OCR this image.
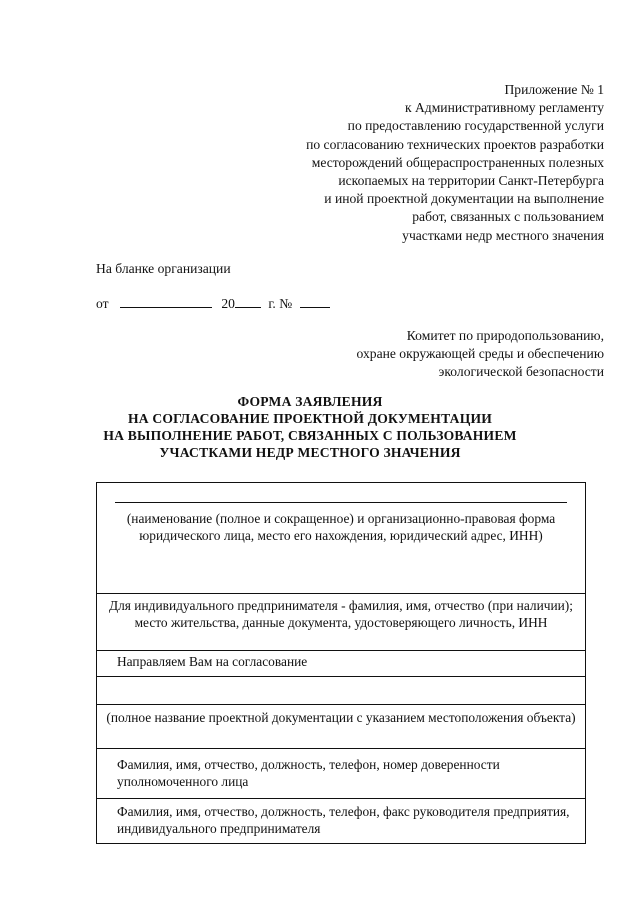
Приложение № 1
к Административному регламенту
по предоставлению государственной услуги
по согласованию технических проектов разработки
месторождений общераспространенных полезных
ископаемых на территории Санкт-Петербурга
и иной проектной документации на выполнение
работ, связанных с пользованием
участками недр местного значения
На бланке организации
от	20 г. №
Комитет по природопользованию,
охране окружающей среды и обеспечению
экологической безопасности
ФОРМА ЗАЯВЛЕНИЯ
НА СОГЛАСОВАНИЕ ПРОЕКТНОЙ ДОКУМЕНТАЦИИ
НА ВЫПОЛНЕНИЕ РАБОТ, СВЯЗАННЫХ С ПОЛЬЗОВАНИЕМ
УЧАСТКАМИ НЕДР МЕСТНОГО ЗНАЧЕНИЯ
(наименование (полное и сокращенное) и организационно-правовая форма юридического лица, место его нахождения, юридический адрес, ИНН)
Для индивидуального предпринимателя - фамилия, имя, отчество (при наличии); место жительства, данные документа, удостоверяющего личность, ИНН
Направляем Вам на согласование
(полное название проектной документации с указанием местоположения объекта)
Фамилия, имя, отчество, должность, телефон, номер доверенности уполномоченного лица
Фамилия, имя, отчество, должность, телефон, факс руководителя предприятия, индивидуального предпринимателя
